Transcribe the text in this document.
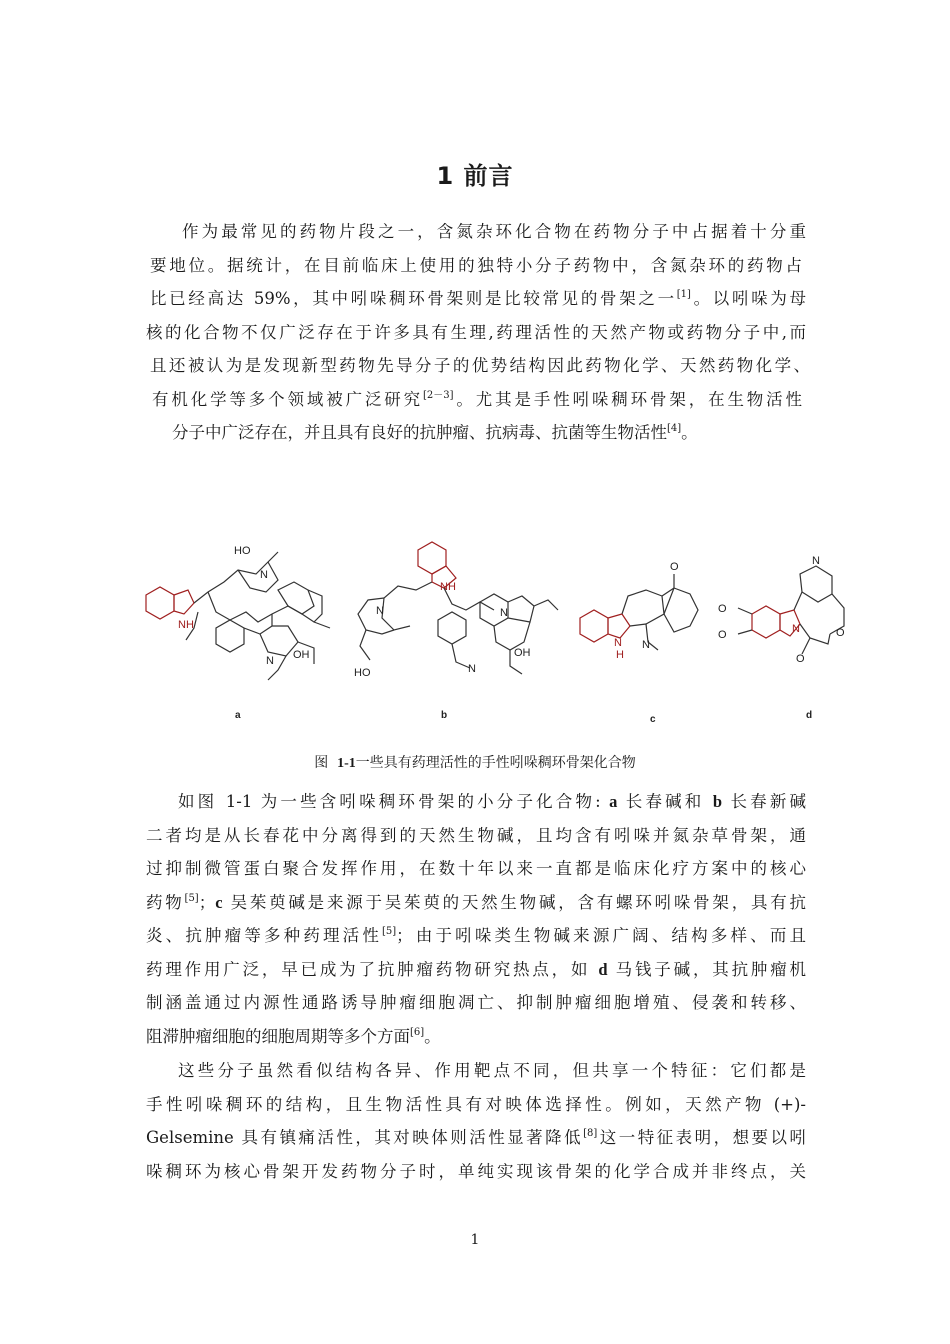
1 前言
作为最常见的药物片段之一，含氮杂环化合物在药物分子中占据着十分重
要地位。据统计，在目前临床上使用的独特小分子药物中，含氮杂环的药物占
比已经高达 59%，其中吲哚稠环骨架则是比较常见的骨架之一[1]。以吲哚为母
核的化合物不仅广泛存在于许多具有生理,药理活性的天然产物或药物分子中,而
且还被认为是发现新型药物先导分子的优势结构因此药物化学、天然药物化学、
有机化学等多个领域被广泛研究[2－3]。尤其是手性吲哚稠环骨架，在生物活性
分子中广泛存在，并且具有良好的抗肿瘤、抗病毒、抗菌等生物活性[4]。
HO
N
NH
N OH
a
NH
HO
N	N
N
OH
b
O
N
H
N
c
N
O
O	N
O
O
d
图 1-1一些具有药理活性的手性吲哚稠环骨架化合物
如图 1-1 为一些含吲哚稠环骨架的小分子化合物: a 长春碱和 b 长春新碱
二者均是从长春花中分离得到的天然生物碱，且均含有吲哚并氮杂草骨架，通
过抑制微管蛋白聚合发挥作用，在数十年以来一直都是临床化疗方案中的核心
药物[5]；c 吴茱萸碱是来源于吴茱萸的天然生物碱，含有螺环吲哚骨架，具有抗
炎、抗肿瘤等多种药理活性[5]；由于吲哚类生物碱来源广阔、结构多样、而且
药理作用广泛，早已成为了抗肿瘤药物研究热点，如 d 马钱子碱，其抗肿瘤机
制涵盖通过内源性通路诱导肿瘤细胞凋亡、抑制肿瘤细胞增殖、侵袭和转移、
阻滞肿瘤细胞的细胞周期等多个方面[6]。
这些分子虽然看似结构各异、作用靶点不同，但共享一个特征：它们都是
手性吲哚稠环的结构，且生物活性具有对映体选择性。例如，天然产物 (+)-
Gelsemine 具有镇痛活性，其对映体则活性显著降低[8]这一特征表明，想要以吲
哚稠环为核心骨架开发药物分子时，单纯实现该骨架的化学合成并非终点，关
1
